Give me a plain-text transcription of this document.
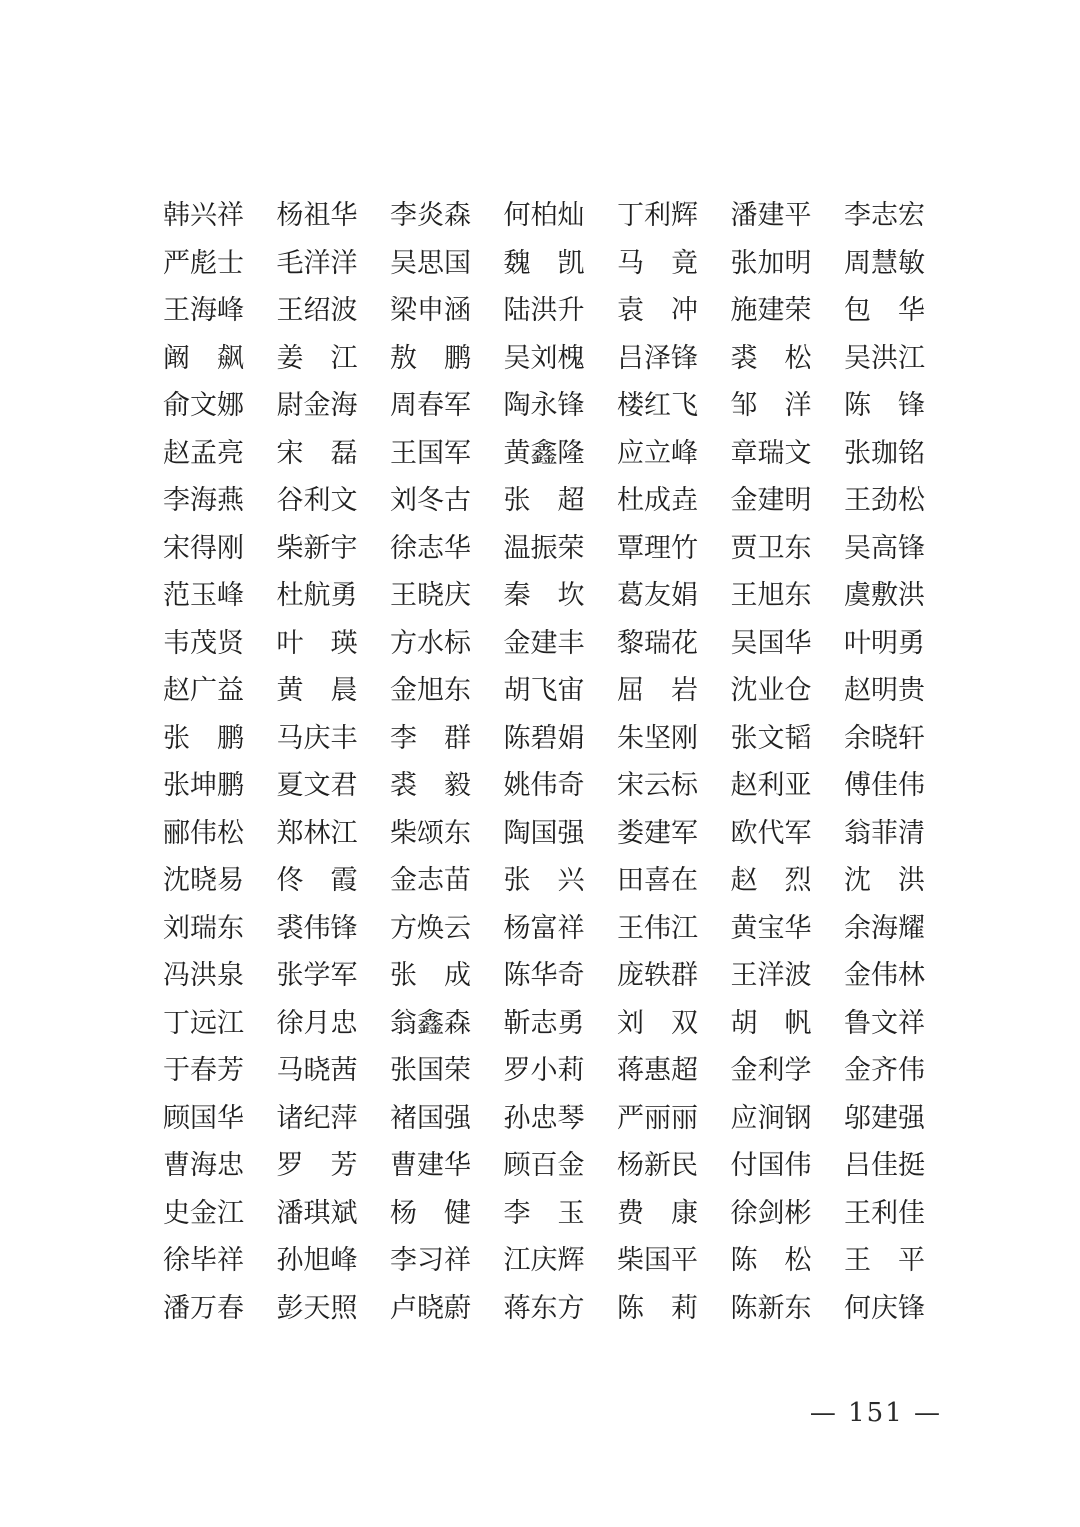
韩兴祥 杨祖华 李炎森 何柏灿 丁利辉 潘建平 李志宏
严彪士 毛洋洋 吴思国 魏凯 马竟 张加明 周慧敏
王海峰 王绍波 梁申涵 陆洪升 袁冲 施建荣 包华
阚飙 姜江 敖鹏 吴刘槐 吕泽锋 裘松 吴洪江
俞文娜 尉金海 周春军 陶永锋 楼红飞 邹洋 陈锋
赵孟亮 宋磊 王国军 黄鑫隆 应立峰 章瑞文 张珈铭
李海燕 谷利文 刘冬古 张超 杜成垚 金建明 王劲松
宋得刚 柴新宇 徐志华 温振荣 覃理竹 贾卫东 吴高锋
范玉峰 杜航勇 王晓庆 秦坎 葛友娟 王旭东 虞敷洪
韦茂贤 叶瑛 方水标 金建丰 黎瑞花 吴国华 叶明勇
赵广益 黄晨 金旭东 胡飞宙 屈岩 沈业仓 赵明贵
张鹏 马庆丰 李群 陈碧娟 朱坚刚 张文韬 余晓轩
张坤鹏 夏文君 裘毅 姚伟奇 宋云标 赵利亚 傅佳伟
郦伟松 郑林江 柴颂东 陶国强 娄建军 欧代军 翁菲清
沈晓易 佟霞 金志苗 张兴 田喜在 赵烈 沈洪
刘瑞东 裘伟锋 方焕云 杨富祥 王伟江 黄宝华 余海耀
冯洪泉 张学军 张成 陈华奇 庞轶群 王洋波 金伟林
丁远江 徐月忠 翁鑫森 靳志勇 刘双 胡帆 鲁文祥
于春芳 马晓茜 张国荣 罗小莉 蒋惠超 金利学 金齐伟
顾国华 诸纪萍 褚国强 孙忠琴 严丽丽 应涧钢 邬建强
曹海忠 罗芳 曹建华 顾百金 杨新民 付国伟 吕佳挺
史金江 潘琪斌 杨健 李玉 费康 徐剑彬 王利佳
徐毕祥 孙旭峰 李习祥 江庆辉 柴国平 陈松 王平
潘万春 彭天照 卢晓蔚 蒋东方 陈莉 陈新东 何庆锋
— 151 —
